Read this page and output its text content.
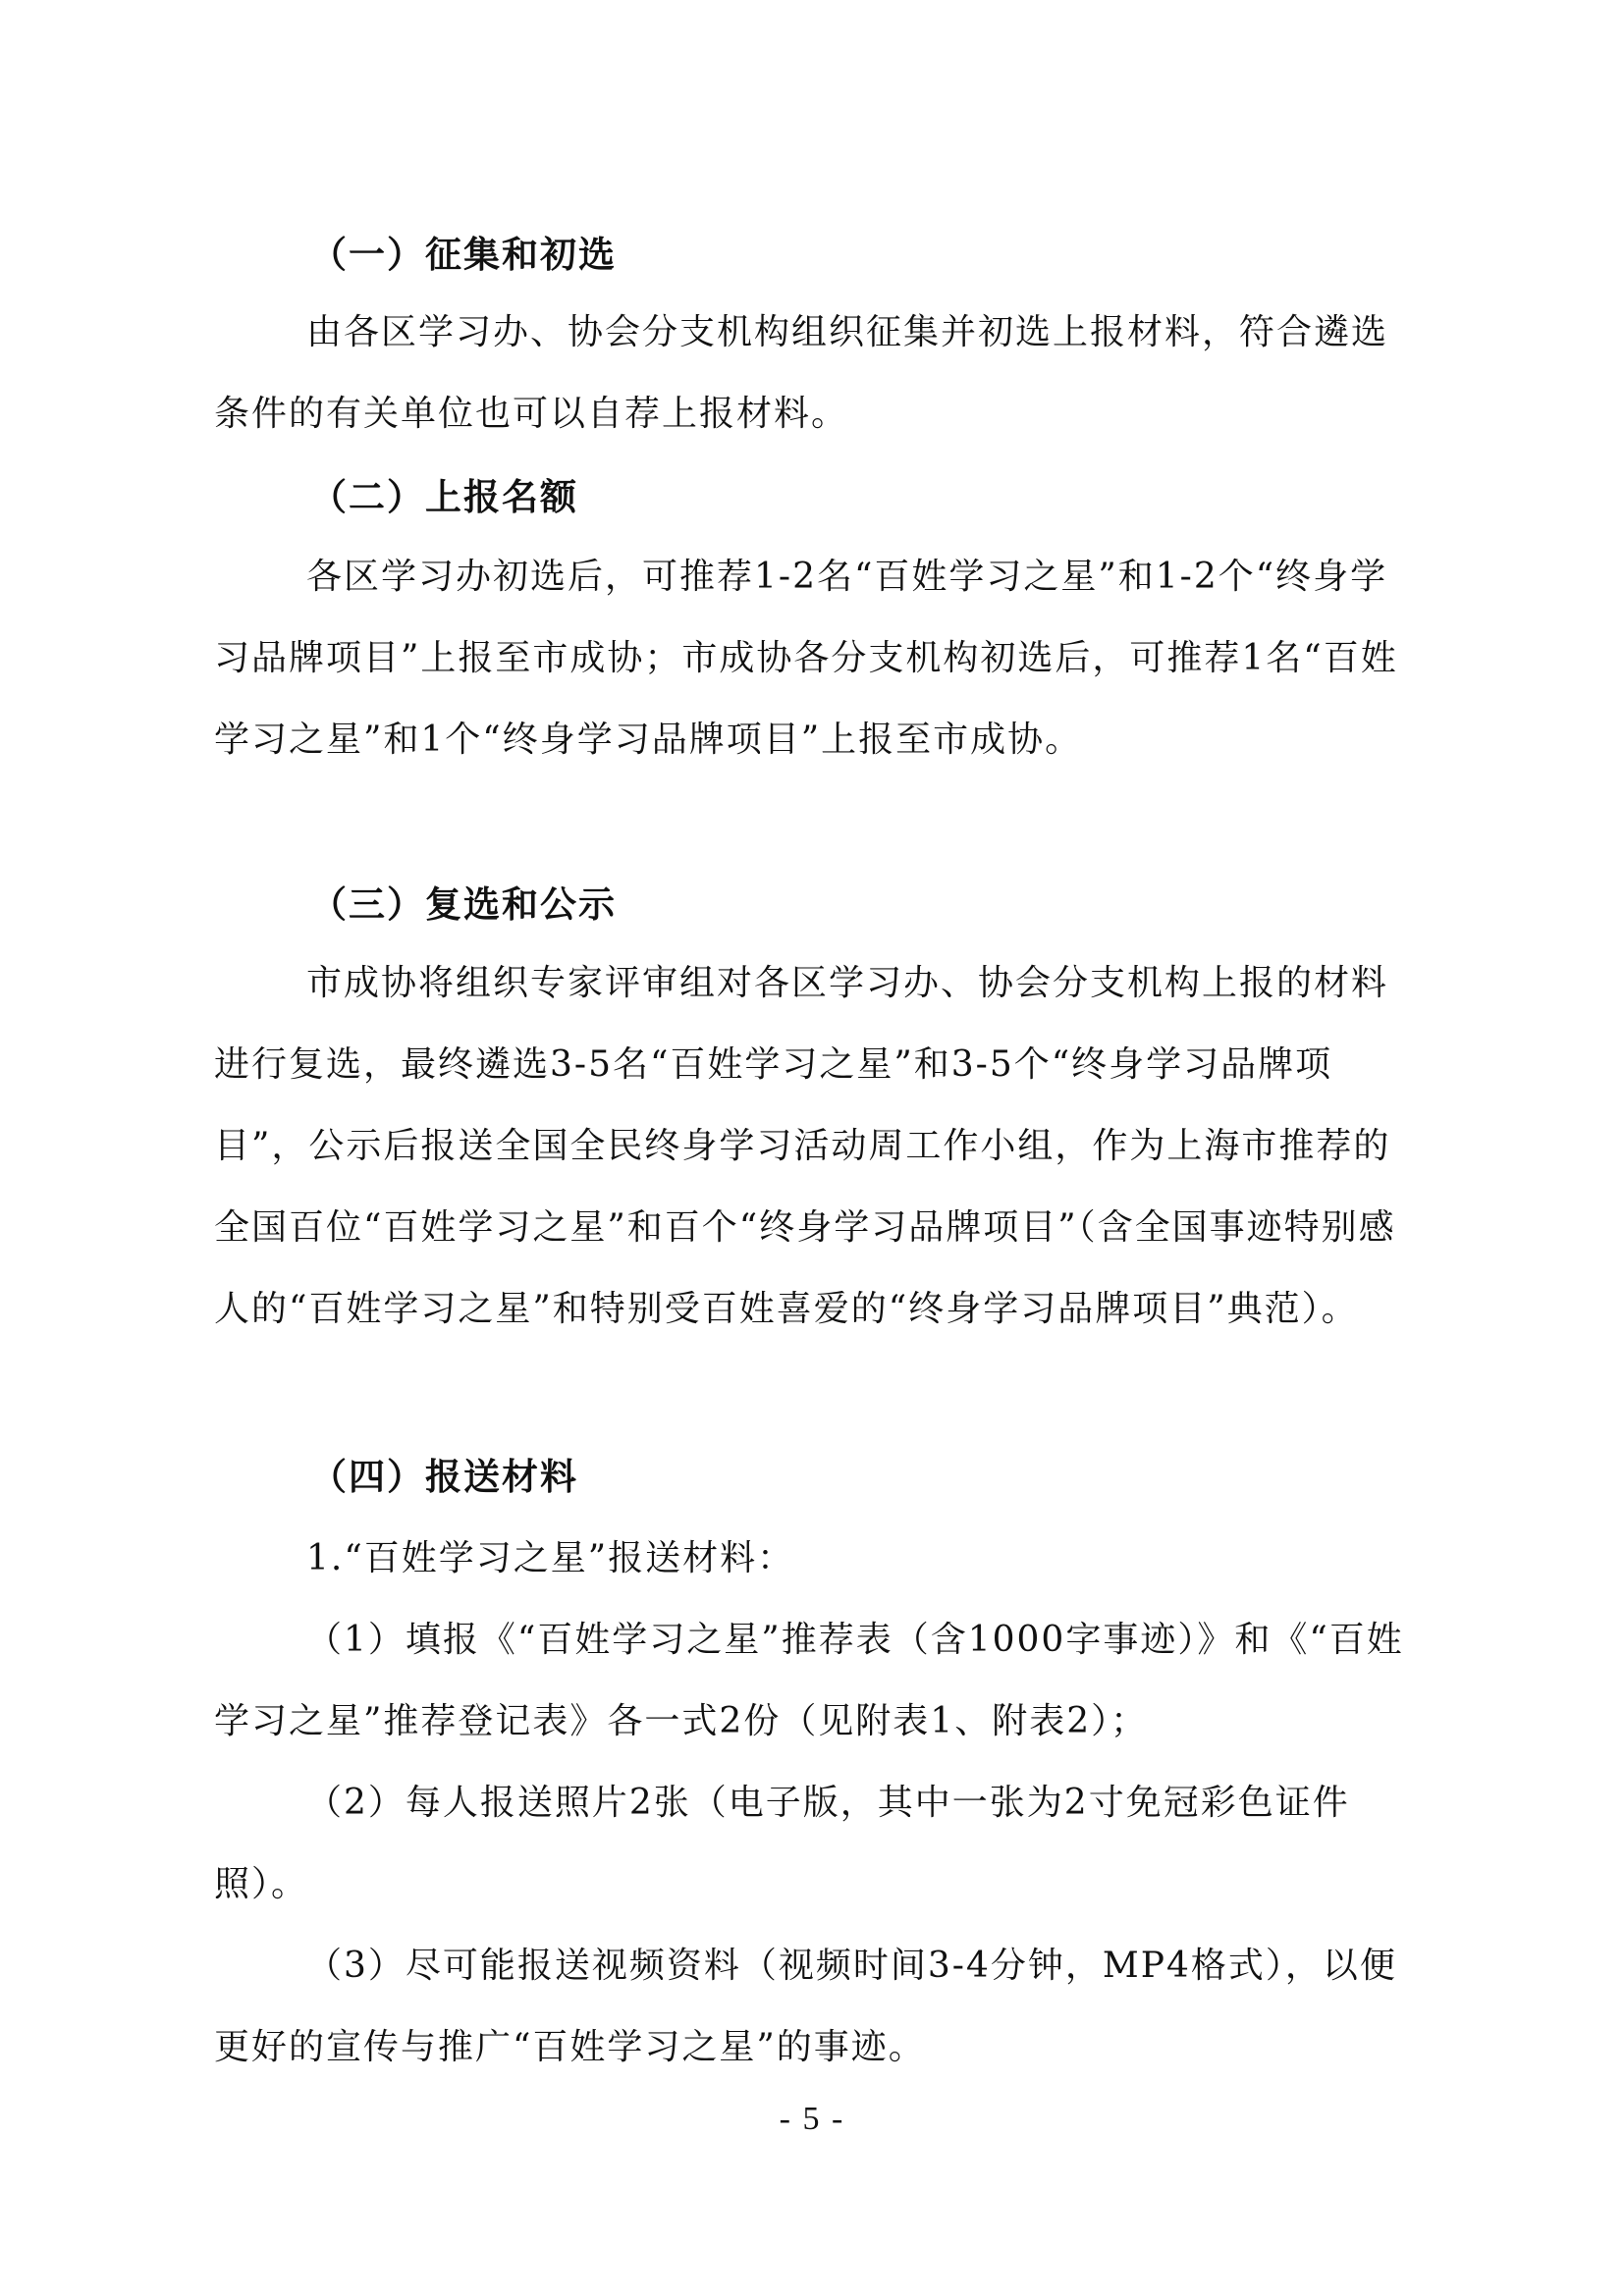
（一）征集和初选
由各区学习办、协会分支机构组织征集并初选上报材料，符合遴选条件的有关单位也可以自荐上报材料。
（二）上报名额
各区学习办初选后，可推荐1-2名“百姓学习之星”和1-2个“终身学习品牌项目”上报至市成协；市成协各分支机构初选后，可推荐1名“百姓学习之星”和1个“终身学习品牌项目”上报至市成协。
（三）复选和公示
市成协将组织专家评审组对各区学习办、协会分支机构上报的材料进行复选，最终遴选3-5名“百姓学习之星”和3-5个“终身学习品牌项目”，公示后报送全国全民终身学习活动周工作小组，作为上海市推荐的全国百位“百姓学习之星”和百个“终身学习品牌项目”（含全国事迹特别感人的“百姓学习之星”和特别受百姓喜爱的“终身学习品牌项目”典范）。
（四）报送材料
1.“百姓学习之星”报送材料：
（1）填报《“百姓学习之星”推荐表（含1000字事迹）》和《“百姓学习之星”推荐登记表》各一式2份（见附表1、附表2）；
（2）每人报送照片2张（电子版，其中一张为2寸免冠彩色证件照）。
（3）尽可能报送视频资料（视频时间3-4分钟，MP4格式），以便更好的宣传与推广“百姓学习之星”的事迹。
- 5 -
